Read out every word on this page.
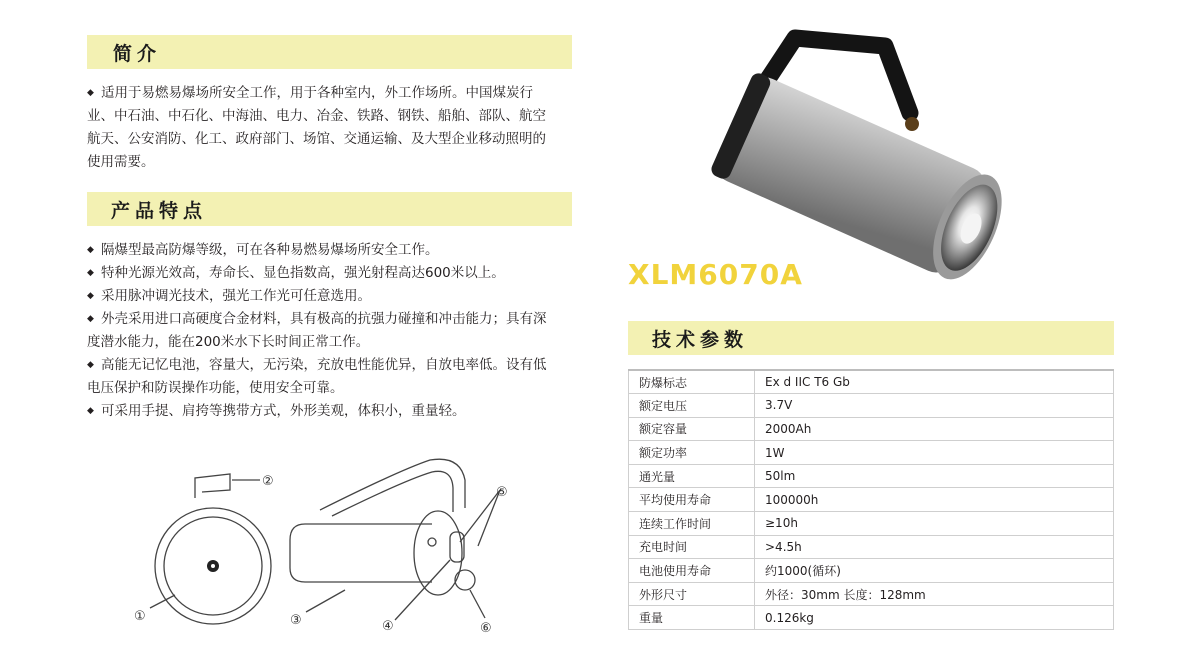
简介
◆ 适用于易燃易爆场所安全工作，用于各种室内，外工作场所。中国煤炭行
业、中石油、中石化、中海油、电力、冶金、铁路、钢铁、船舶、部队、航空
航天、公安消防、化工、政府部门、场馆、交通运输、及大型企业移动照明的
使用需要。
产品特点
◆ 隔爆型最高防爆等级，可在各种易燃易爆场所安全工作。
◆ 特种光源光效高，寿命长、显色指数高，强光射程高达600米以上。
◆ 采用脉冲调光技术，强光工作光可任意选用。
◆ 外壳采用进口高硬度合金材料，具有极高的抗强力碰撞和冲击能力；具有深
度潜水能力，能在200米水下长时间正常工作。
◆ 高能无记忆电池，容量大，无污染，充放电性能优异，自放电率低。设有低
电压保护和防误操作功能，使用安全可靠。
◆ 可采用手提、肩挎等携带方式，外形美观，体积小，重量轻。
XLM6070A
技术参数
防爆标志	Ex d IIC T6 Gb
额定电压	3.7V
额定容量	2000Ah
额定功率	1W
通光量	50lm
平均使用寿命	100000h
连续工作时间	≥10h
充电时间	>4.5h
电池使用寿命	约1000(循环)
外形尺寸	外径：30mm 长度：128mm
重量	0.126kg
①
②
③	④
⑤
⑥
